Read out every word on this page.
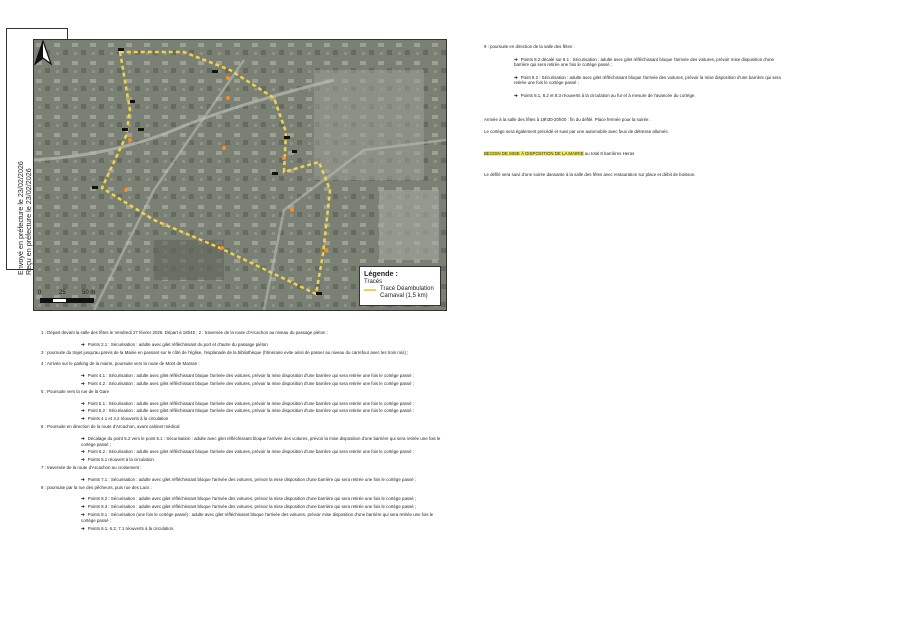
Envoyé en préfecture le 23/02/2026 Reçu en préfecture le 23/02/2026	Légende :
Tracés
Tracé Déambulation Carnaval (1,5 km)
0	25	50 m

9 : poursuite en direction de la salle des fêtes :

➔ Points 8.2 décalé sur 9.1 : Sécurisation : adulte avec gilet réfléchissant bloque l'arrivée des voitures, prévoir mise disposition d'une barrière qui sera retirée une fois le cortège passé ;

➔ Point 9.2 : Sécurisation : adulte avec gilet réfléchissant bloque l'arrivée des voitures, prévoir la mise disposition d'une barrière qui sera retirée une fois le cortège passé ;

➔ Points 8.1, 8.2 et 8.3 réouverts à la circulation au fur et à mesure de l'avancée du cortège.

Arrivée à la salle des fêtes à 19h30-20h00 : fin du défilé. Place fermée pour la soirée.

Le cortège sera également précédé et suivi par une automobile avec feux de détresse allumés.

BESOIN DE MISE À DISPOSITION DE LA MAIRIE au total 8 barrières Heras

Le défilé sera suivi d'une soirée dansante à la salle des fêtes avec restauration sur place et débit de boisson.

1 : Départ devant la salle des fêtes le Vendredi 27 février 2026. Départ à 18h45 ; 2 : traversée de la route d'Arcachon au niveau du passage piéton :

➔ Points 2.1 : Sécurisation : adulte avec gilet réfléchissant du port et d'autre du passage piéton

3 : poursuite du trajet jusqu'au parvis de la Mairie en passant sur le côté de l'église, l'esplanade de la bibliothèque (l'itinéraire evite ainsi de passer au niveau du carrefour avec les trois rois) ;

4 : Arrivée sur le parking de la mairie, poursuite vers la route de Mont de Marsan :

➔ Point 4.1 : Sécurisation : adulte avec gilet réfléchissant bloque l'arrivée des voitures, prévoir la mise disposition d'une barrière qui sera retirée une fois le cortège passé ;

➔ Point 4.2 : Sécurisation : adulte avec gilet réfléchissant bloque l'arrivée des voitures, prévoir la mise disposition d'une barrière qui sera retirée une fois le cortège passé ;

5 : Poursuite vers la rue de la Gare

➔ Point 5.1 : Sécurisation : adulte avec gilet réfléchissant bloque l'arrivée des voitures, prévoir la mise disposition d'une barrière qui sera retirée une fois le cortège passé ;

➔ Point 5.2 : Sécurisation : adulte avec gilet réfléchissant bloque l'arrivée des voitures, prévoir la mise disposition d'une barrière qui sera retirée une fois le cortège passé ;

➔ Points 4.1 et 4.2 réouverts à la circulation

6 : Poursuite en direction de la route d'Arcachon, avant cabinet médical

➔ Décalage du point 5.2 vers le point 6.1 : Sécurisation : adulte avec gilet réfléchissant bloque l'arrivée des voitures, prévoir la mise disposition d'une barrière qui sera retirée une fois le cortège passé ;

➔ Point 6.2 : Sécurisation : adulte avec gilet réfléchissant bloque l'arrivée des voitures, prévoir la mise disposition d'une barrière qui sera retirée une fois le cortège passé ;

➔ Points 5.1 réouvert à la circulation.

7 : traversée de la route d'Arcachon au croisement :

➔ Points 7.1 : Sécurisation : adulte avec gilet réfléchissant bloque l'arrivée des voitures, prévoir la mise disposition d'une barrière qui sera retirée une fois le cortège passé ;

8 : poursuite par la rue des pêcheurs, puis rue des Lacs :

➔ Points 8.2 : Sécurisation : adulte avec gilet réfléchissant bloque l'arrivée des voitures, prévoir la mise disposition d'une barrière qui sera retirée une fois le cortège passé ;

➔ Points 8.3 : Sécurisation : adulte avec gilet réfléchissant bloque l'arrivée des voitures, prévoir la mise disposition d'une barrière qui sera retirée une fois le cortège passé ;

➔ Points 8.1 : Sécurisation (une fois le cortège passé) : adulte avec gilet réfléchissant bloque l'arrivée des voitures, prévoir mise disposition d'une barrière qui sera retirée une fois le cortège passé ;

➔ Points 6.1, 6.2, 7.1 réouverts à la circulation.
